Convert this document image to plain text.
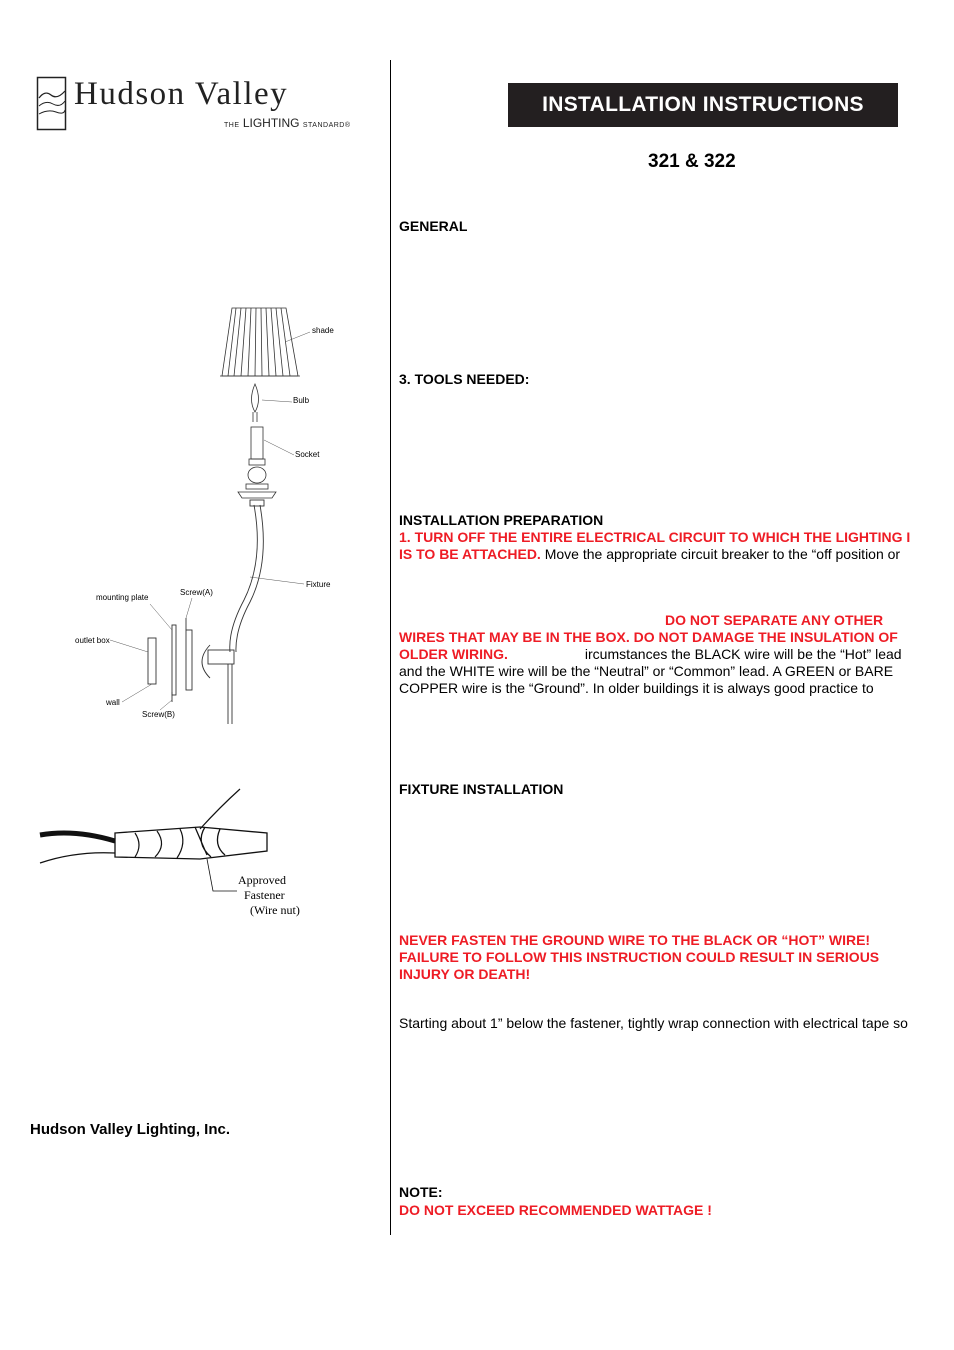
Hudson Valley
THE LIGHTING STANDARD®
INSTALLATION INSTRUCTIONS
321 & 322
GENERAL
3. TOOLS NEEDED:
INSTALLATION PREPARATION
1. TURN OFF THE ENTIRE ELECTRICAL CIRCUIT TO WHICH THE LIGHTING I
IS TO BE ATTACHED. Move the appropriate circuit breaker to the “off position or
DO NOT SEPARATE ANY OTHER
WIRES THAT MAY BE IN THE BOX. DO NOT DAMAGE THE INSULATION OF
OLDER WIRING.	ircumstances the BLACK wire will be the “Hot” lead
and the WHITE wire will be the “Neutral” or “Common” lead. A GREEN or BARE
COPPER wire is the “Ground”. In older buildings it is always good practice to
FIXTURE INSTALLATION
NEVER FASTEN THE GROUND WIRE TO THE BLACK OR “HOT” WIRE! FAILURE TO FOLLOW THIS INSTRUCTION COULD RESULT IN SERIOUS INJURY OR DEATH!
Starting about 1” below the fastener, tightly wrap connection with electrical tape so
NOTE:
DO NOT EXCEED RECOMMENDED WATTAGE !
shade
Bulb
Socket
Fixture
mounting plate
Screw(A)
outlet box
wall
Screw(B)
Approved
Fastener
(Wire nut)
Hudson Valley Lighting, Inc.
